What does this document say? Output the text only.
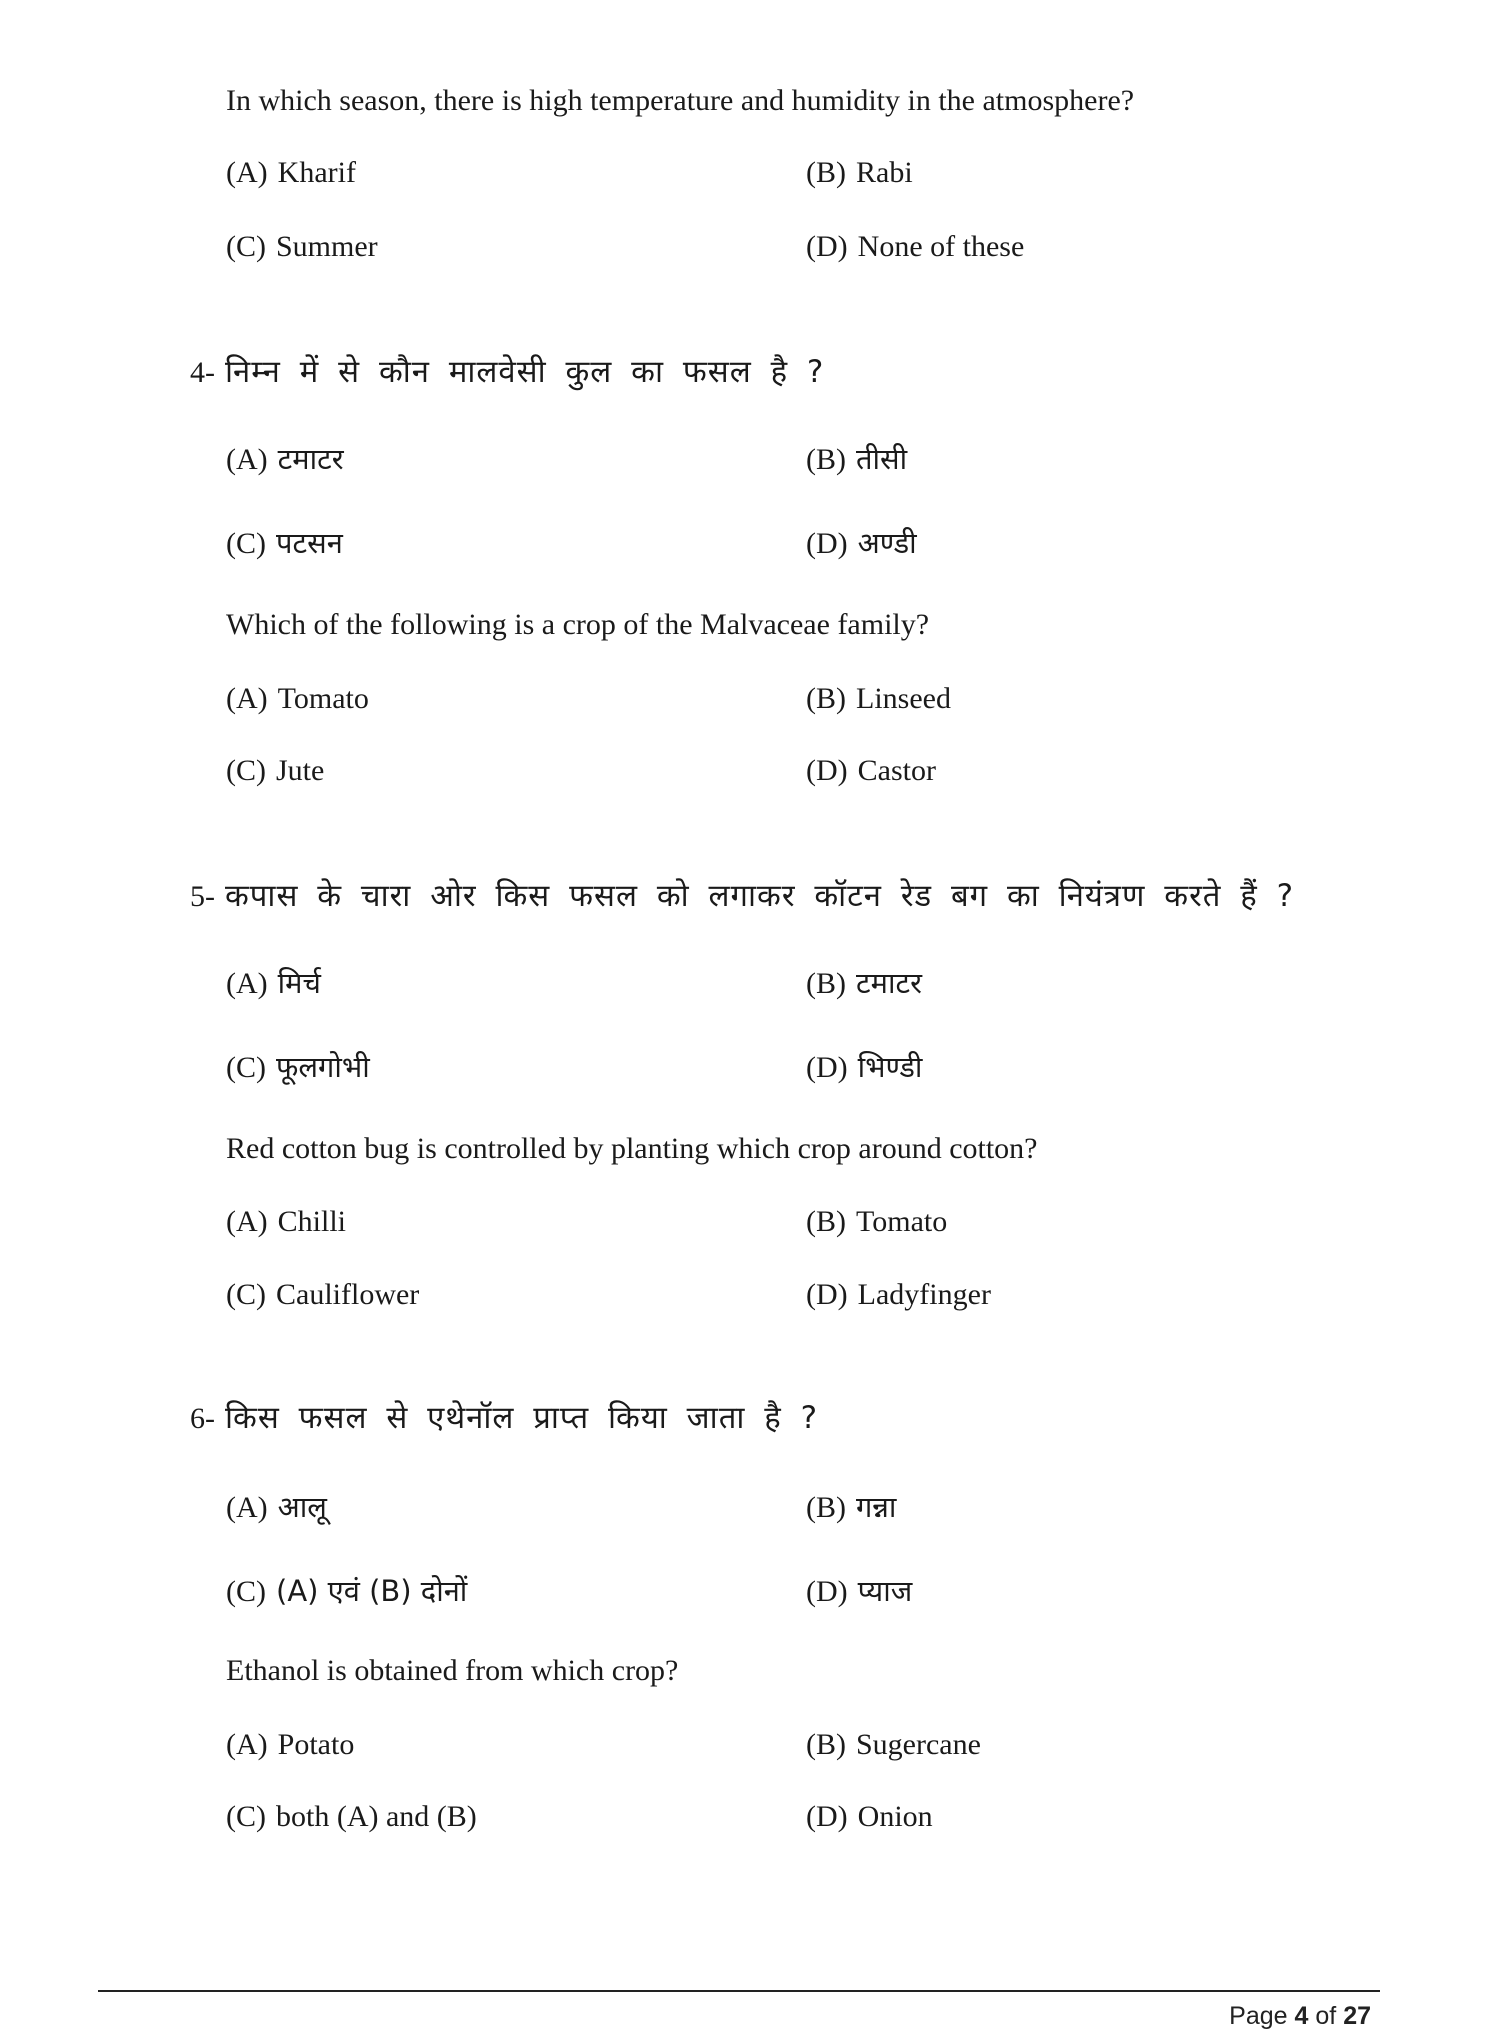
In which season, there is high temperature and humidity in the atmosphere?
(A) Kharif	(B) Rabi
(C) Summer	(D) None of these
4- निम्न में से कौन मालवेसी कुल का फसल है ?
(A) टमाटर	(B) तीसी
(C) पटसन	(D) अण्डी
Which of the following is a crop of the Malvaceae family?
(A) Tomato	(B) Linseed
(C) Jute	(D) Castor
5- कपास के चारा ओर किस फसल को लगाकर कॉटन रेड बग का नियंत्रण करते हैं ?
(A) मिर्च	(B) टमाटर
(C) फूलगोभी	(D) भिण्डी
Red cotton bug is controlled by planting which crop around cotton?
(A) Chilli	(B) Tomato
(C) Cauliflower	(D) Ladyfinger
6- किस फसल से एथेनॉल प्राप्त किया जाता है ?
(A) आलू	(B) गन्ना
(C) (A) एवं (B) दोनों	(D) प्याज
Ethanol is obtained from which crop?
(A) Potato	(B) Sugercane
(C) both (A) and (B)	(D) Onion
Page 4 of 27
